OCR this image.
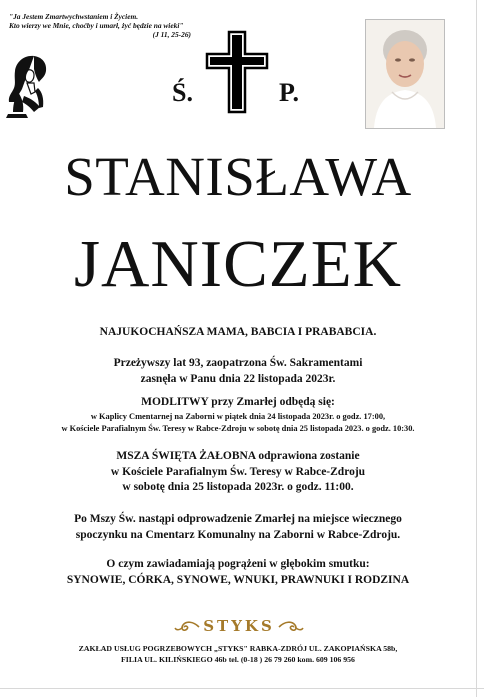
"Ja Jestem Zmartwychwstaniem i Życiem.
Kto wierzy we Mnie, choćby i umarł, żyć będzie na wieki"

(J 11, 25-26)
Ś.	P.
STANISŁAWA
JANICZEK
NAJUKOCHAŃSZA MAMA, BABCIA I PRABABCIA.
Przeżywszy lat 93, zaopatrzona Św. Sakramentami
zasnęła w Panu dnia 22 listopada 2023r.
MODLITWY przy Zmarłej odbędą się:
w Kaplicy Cmentarnej na Zaborni w piątek dnia 24 listopada 2023r. o godz. 17:00,
w Kościele Parafialnym Św. Teresy w Rabce-Zdroju w sobotę dnia 25 listopada 2023. o godz. 10:30.
MSZA ŚWIĘTA ŻAŁOBNA odprawiona zostanie
w Kościele Parafialnym Św. Teresy w Rabce-Zdroju
w sobotę dnia 25 listopada 2023r. o godz. 11:00.
Po Mszy Św. nastąpi odprowadzenie Zmarłej na miejsce wiecznego
spoczynku na Cmentarz Komunalny na Zaborni w Rabce-Zdroju.
O czym zawiadamiają pogrążeni w głębokim smutku:
SYNOWIE, CÓRKA, SYNOWE, WNUKI, PRAWNUKI I RODZINA
STYKS
ZAKŁAD USŁUG POGRZEBOWYCH „STYKS" RABKA-ZDRÓJ UL. ZAKOPIAŃSKA 58b,
FILIA UL. KILIŃSKIEGO 46b tel. (0-18 ) 26 79 260 kom. 609 106 956
